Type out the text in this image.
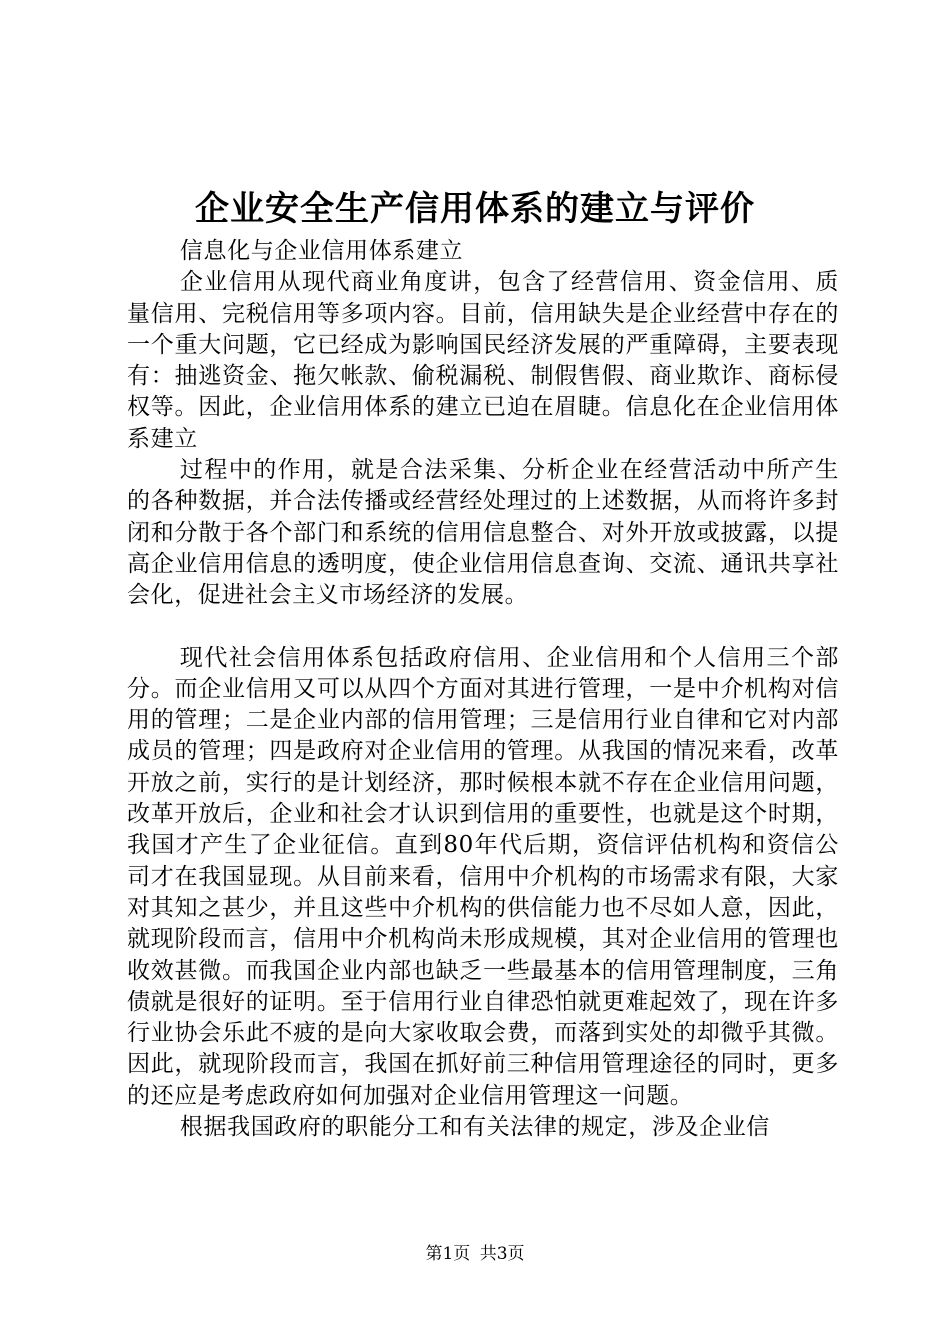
企业安全生产信用体系的建立与评价

信息化与企业信用体系建立

企业信用从现代商业角度讲，包含了经营信用、资金信用、质量信用、完税信用等多项内容。目前，信用缺失是企业经营中存在的一个重大问题，它已经成为影响国民经济发展的严重障碍，主要表现有：抽逃资金、拖欠帐款、偷税漏税、制假售假、商业欺诈、商标侵权等。因此，企业信用体系的建立已迫在眉睫。信息化在企业信用体系建立

过程中的作用，就是合法采集、分析企业在经营活动中所产生的各种数据，并合法传播或经营经处理过的上述数据，从而将许多封闭和分散于各个部门和系统的信用信息整合、对外开放或披露，以提高企业信用信息的透明度，使企业信用信息查询、交流、通讯共享社会化，促进社会主义市场经济的发展。

现代社会信用体系包括政府信用、企业信用和个人信用三个部分。而企业信用又可以从四个方面对其进行管理，一是中介机构对信用的管理；二是企业内部的信用管理；三是信用行业自律和它对内部成员的管理；四是政府对企业信用的管理。从我国的情况来看，改革开放之前，实行的是计划经济，那时候根本就不存在企业信用问题，改革开放后，企业和社会才认识到信用的重要性，也就是这个时期，我国才产生了企业征信。直到80年代后期，资信评估机构和资信公司才在我国显现。从目前来看，信用中介机构的市场需求有限，大家对其知之甚少，并且这些中介机构的供信能力也不尽如人意，因此，就现阶段而言，信用中介机构尚未形成规模，其对企业信用的管理也收效甚微。而我国企业内部也缺乏一些最基本的信用管理制度，三角债就是很好的证明。至于信用行业自律恐怕就更难起效了，现在许多行业协会乐此不疲的是向大家收取会费，而落到实处的却微乎其微。因此，就现阶段而言，我国在抓好前三种信用管理途径的同时，更多的还应是考虑政府如何加强对企业信用管理这一问题。

根据我国政府的职能分工和有关法律的规定，涉及企业信

第1页 共3页
